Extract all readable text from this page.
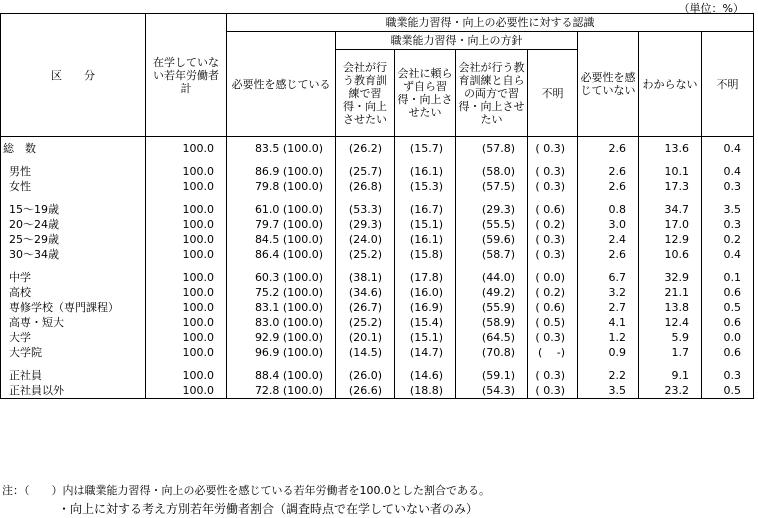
（単位：%）
区　　分	在学していない若年労働者計	職業能力習得・向上の必要性に対する認識							
		必要性を感じている	職業能力習得・向上の方針				必要性を感じていない	わからない	不明
			会社が行う教育訓練で習得・向上させたい	会社に頼らず自ら習得・向上させたい	会社が行う教育訓練と自らの両方で習得・向上させたい	不明			
総　数	100.0	83.5 (100.0)	(26.2)	(15.7)	(57.8)	( 0.3)	2.6	13.6	0.4

男性	100.0	86.9 (100.0)	(25.7)	(16.1)	(58.0)	( 0.3)	2.6	10.1	0.4
女性	100.0	79.8 (100.0)	(26.8)	(15.3)	(57.5)	( 0.3)	2.6	17.3	0.3

15～19歳	100.0	61.0 (100.0)	(53.3)	(16.7)	(29.3)	( 0.6)	0.8	34.7	3.5
20～24歳	100.0	79.7 (100.0)	(29.3)	(15.1)	(55.5)	( 0.2)	3.0	17.0	0.3
25～29歳	100.0	84.5 (100.0)	(24.0)	(16.1)	(59.6)	( 0.3)	2.4	12.9	0.2
30～34歳	100.0	86.4 (100.0)	(25.2)	(15.8)	(58.7)	( 0.3)	2.6	10.6	0.4

中学	100.0	60.3 (100.0)	(38.1)	(17.8)	(44.0)	( 0.0)	6.7	32.9	0.1
高校	100.0	75.2 (100.0)	(34.6)	(16.0)	(49.2)	( 0.2)	3.2	21.1	0.6
専修学校（専門課程）	100.0	83.1 (100.0)	(26.7)	(16.9)	(55.9)	( 0.6)	2.7	13.8	0.5
高専・短大	100.0	83.0 (100.0)	(25.2)	(15.4)	(58.9)	( 0.5)	4.1	12.4	0.6
大学	100.0	92.9 (100.0)	(20.1)	(15.1)	(64.5)	( 0.3)	1.2	5.9	0.0
大学院	100.0	96.9 (100.0)	(14.5)	(14.7)	(70.8)	(　 -)	0.9	1.7	0.6

正社員	100.0	88.4 (100.0)	(26.0)	(14.6)	(59.1)	( 0.3)	2.2	9.1	0.3
正社員以外	100.0	72.8 (100.0)	(26.6)	(18.8)	(54.3)	( 0.3)	3.5	23.2	0.5
注：（　　）内は職業能力習得・向上の必要性を感じている若年労働者を100.0とした割合である。
・向上に対する考え方別若年労働者割合（調査時点で在学していない者のみ）
